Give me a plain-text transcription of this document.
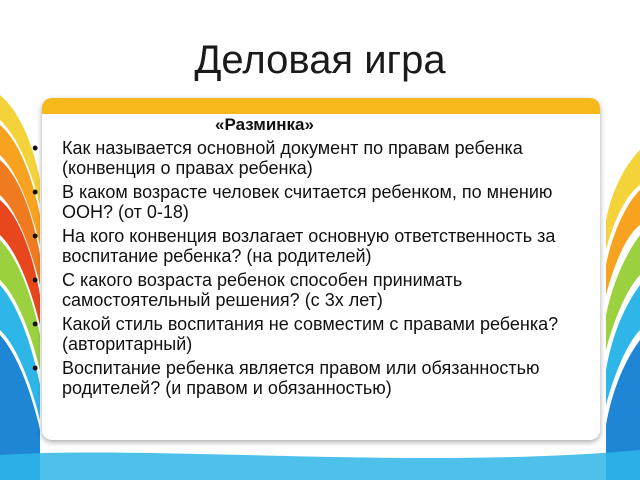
Деловая игра
«Разминка»
• Как называется основной документ по правам ребенка (конвенция о правах ребенка)
• В каком возрасте человек считается ребенком, по мнению ООН? (от 0-18)
• На кого конвенция возлагает основную ответственность за воспитание ребенка? (на родителей)
• С какого возраста ребенок способен принимать самостоятельный решения? (с 3х лет)
• Какой стиль воспитания не совместим с правами ребенка? (авторитарный)
• Воспитание ребенка является правом или обязанностью родителей? (и правом и обязанностью)
